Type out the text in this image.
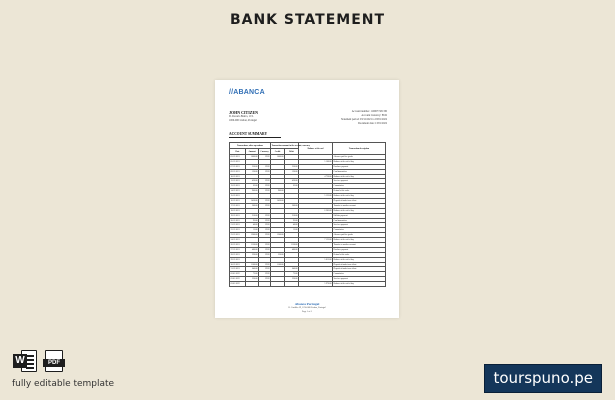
BANK STATEMENT
//ABANCA
JOHN CITIZEN
D. Rosario Bairro, 10 L
1000-000 Lisbon, Portugal
Account number: 11000774513SI
Account Currency: EUR
Statement period: 03/12/2021 to 03/01/2022
Document date: 13/01/2022
ACCOUNT SUMMARY
Transactions, other operations			Transaction amount in the account, currency		Balance at the end	Transaction description
Date	Amount	Currency	Credit	Debit		
03.12.2021	1000.00	EUR	1000.00			Advance paid for goods
05.12.2021					5 100.00	Balance at the end of day
07.12.2021	250.00	EUR		250.00		Purchase payment
09.12.2021	120.00	EUR		120.00		Card transaction
10.12.2021					4 730.00	Balance at the end of day
12.12.2021	430.00	EUR		430.00		Services payment
13.12.2021	65.00	EUR		65.00		Commission
14.12.2021	900.00	EUR	900.00			Refund of the order
15.12.2021					5 135.00	Balance at the end of day
16.12.2021	1450.00	EUR	1450.00			Deposit of funds from client
17.12.2021	300.00	EUR		300.00		Transfer to another account
18.12.2021					6 285.00	Balance at the end of day
19.12.2021	210.00	EUR		210.00		Utilities payment
20.12.2021	95.00	EUR		95.00		Card transaction
21.12.2021	40.00	EUR		40.00		Services payment
22.12.2021	15.00	EUR		15.00		Commission
23.12.2021	1200.00	EUR	1200.00			Advance paid for goods
24.12.2021					7 125.00	Balance at the end of day
26.12.2021	1150.00	EUR		1150.00		Transfer to another account
27.12.2021	480.00	EUR		480.00		Purchase payment
28.12.2021	320.00	EUR	320.00			Refund of the order
29.12.2021					5 815.00	Balance at the end of day
30.12.2021	1100.00	EUR	1100.00			Deposit of funds from client
31.12.2021	640.00	EUR		640.00		Deposit of funds from client
02.01.2022	75.00	EUR		75.00		Commission
03.01.2022	230.00	EUR		230.00		Services payment
03.01.2022					5 970.00	Balance at the end of day
Abanca Portugal
R. Castilho 39, 1250-068 Lisboa, Portugal
Page 1 of 1
W	PDF
fully editable template	tourspuno.pe
